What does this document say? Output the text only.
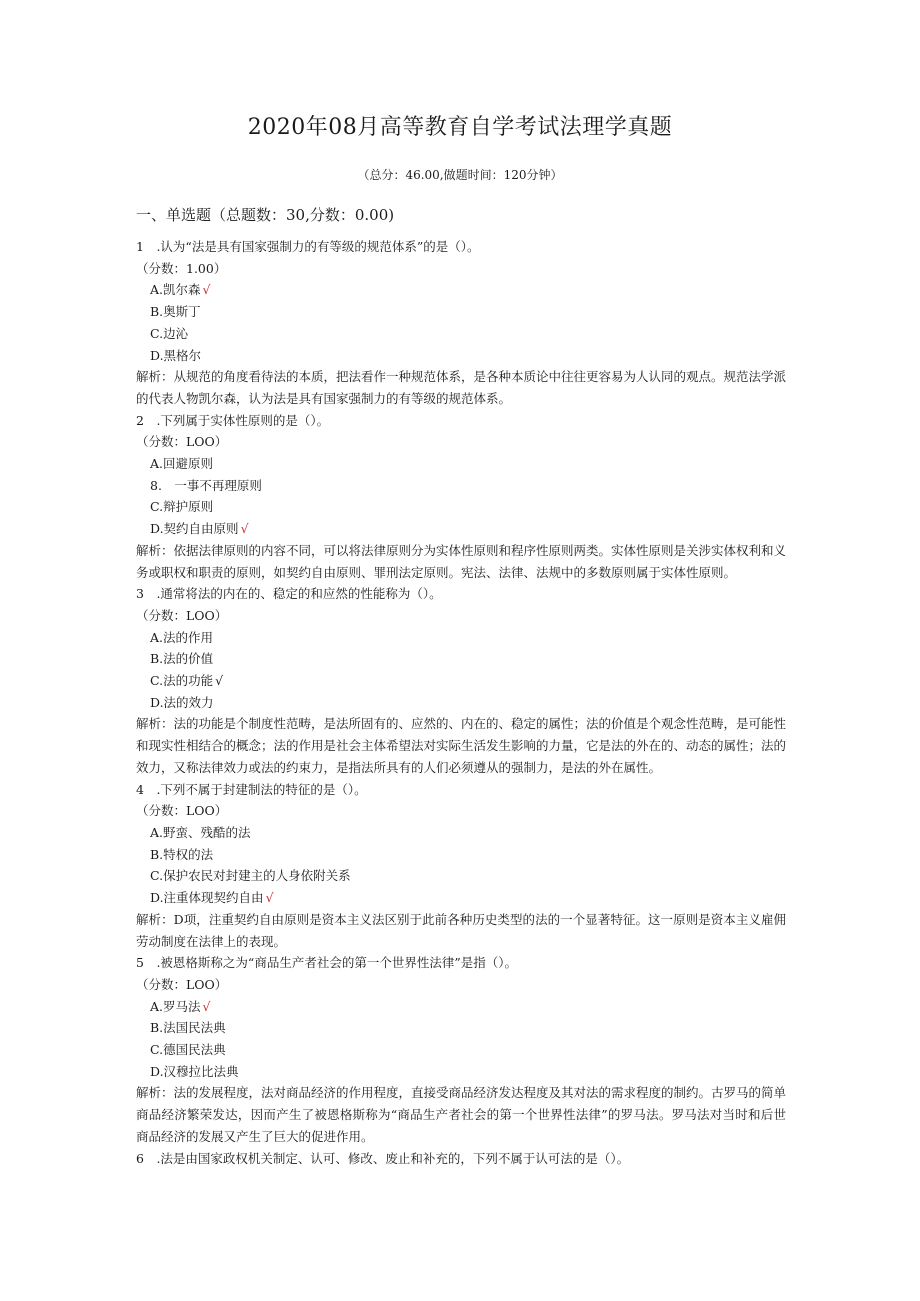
2020年08月高等教育自学考试法理学真题
（总分：46.00,做题时间：120分钟）
一、单选题（总题数：30,分数：0.00)
1　.认为“法是具有国家强制力的有等级的规范体系”的是（）。
（分数：1.00）
A.凯尔森 √
B.奥斯丁
C.边沁
D.黑格尔
解析：从规范的角度看待法的本质，把法看作一种规范体系，是各种本质论中往往更容易为人认同的观点。规范法学派的代表人物凯尔森，认为法是具有国家强制力的有等级的规范体系。
2　.下列属于实体性原则的是（）。
（分数：LOO）
A.回避原则
8.　一事不再理原则
C.辩护原则
D.契约自由原则 √
解析：依据法律原则的内容不同，可以将法律原则分为实体性原则和程序性原则两类。实体性原则是关涉实体权利和义务或职权和职责的原则，如契约自由原则、罪刑法定原则。宪法、法律、法规中的多数原则属于实体性原则。
3　.通常将法的内在的、稳定的和应然的性能称为（）。
（分数：LOO）
A.法的作用
B.法的价值
C.法的功能 √
D.法的效力
解析：法的功能是个制度性范畴，是法所固有的、应然的、内在的、稳定的属性；法的价值是个观念性范畴，是可能性和现实性相结合的概念；法的作用是社会主体希望法对实际生活发生影响的力量，它是法的外在的、动态的属性；法的效力，又称法律效力或法的约束力，是指法所具有的人们必须遵从的强制力，是法的外在属性。
4　.下列不属于封建制法的特征的是（）。
（分数：LOO）
A.野蛮、残酷的法
B.特权的法
C.保护农民对封建主的人身依附关系
D.注重体现契约自由 √
解析：D项，注重契约自由原则是资本主义法区别于此前各种历史类型的法的一个显著特征。这一原则是资本主义雇佣劳动制度在法律上的表现。
5　.被恩格斯称之为“商品生产者社会的第一个世界性法律”是指（）。
（分数：LOO）
A.罗马法 √
B.法国民法典
C.德国民法典
D.汉穆拉比法典
解析：法的发展程度，法对商品经济的作用程度，直接受商品经济发达程度及其对法的需求程度的制约。古罗马的简单商品经济繁荣发达，因而产生了被恩格斯称为“商品生产者社会的第一个世界性法律”的罗马法。罗马法对当时和后世商品经济的发展又产生了巨大的促进作用。
6　.法是由国家政权机关制定、认可、修改、废止和补充的，下列不属于认可法的是（）。
